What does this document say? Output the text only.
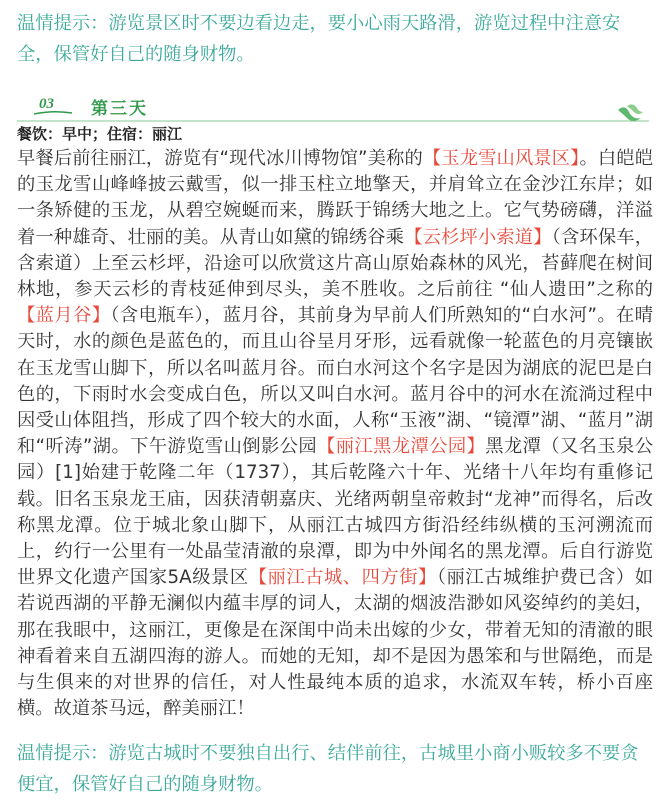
温情提示：游览景区时不要边看边走，要小心雨天路滑，游览过程中注意安全，保管好自己的随身财物。
03 第三天
餐饮：早中；住宿：丽江
早餐后前往丽江，游览有“现代冰川博物馆”美称的【玉龙雪山风景区】。白皑皑的玉龙雪山峰峰披云戴雪，似一排玉柱立地擎天，并肩耸立在金沙江东岸；如一条矫健的玉龙，从碧空婉蜒而来，腾跃于锦绣大地之上。它气势磅礴，洋溢着一种雄奇、壮丽的美。从青山如黛的锦绣谷乘【云杉坪小索道】（含环保车，含索道）上至云杉坪，沿途可以欣赏这片高山原始森林的风光，苔藓爬在树间林地，参天云杉的青枝延伸到尽头，美不胜收。之后前往 “仙人遗田”之称的【蓝月谷】（含电瓶车），蓝月谷，其前身为早前人们所熟知的“白水河”。在晴天时，水的颜色是蓝色的，而且山谷呈月牙形，远看就像一轮蓝色的月亮镶嵌在玉龙雪山脚下，所以名叫蓝月谷。而白水河这个名字是因为湖底的泥巴是白色的，下雨时水会变成白色，所以又叫白水河。蓝月谷中的河水在流淌过程中因受山体阻挡，形成了四个较大的水面，人称“玉液”湖、“镜潭”湖、“蓝月”湖和“听涛”湖。下午游览雪山倒影公园【丽江黑龙潭公园】黑龙潭（又名玉泉公园）[1]始建于乾隆二年（1737），其后乾隆六十年、光绪十八年均有重修记载。旧名玉泉龙王庙，因获清朝嘉庆、光绪两朝皇帝敕封“龙神”而得名，后改称黑龙潭。位于城北象山脚下，从丽江古城四方街沿经纬纵横的玉河溯流而上，约行一公里有一处晶莹清澈的泉潭，即为中外闻名的黑龙潭。后自行游览世界文化遗产国家5A级景区【丽江古城、四方街】（丽江古城维护费已含）如若说西湖的平静无澜似内蕴丰厚的词人，太湖的烟波浩渺如风姿绰约的美妇，那在我眼中，这丽江，更像是在深闺中尚未出嫁的少女，带着无知的清澈的眼神看着来自五湖四海的游人。而她的无知，却不是因为愚笨和与世隔绝，而是与生俱来的对世界的信任，对人性最纯本质的追求，水流双车转，桥小百座横。故道茶马远，醉美丽江！
温情提示：游览古城时不要独自出行、结伴前往，古城里小商小贩较多不要贪便宜，保管好自己的随身财物。
